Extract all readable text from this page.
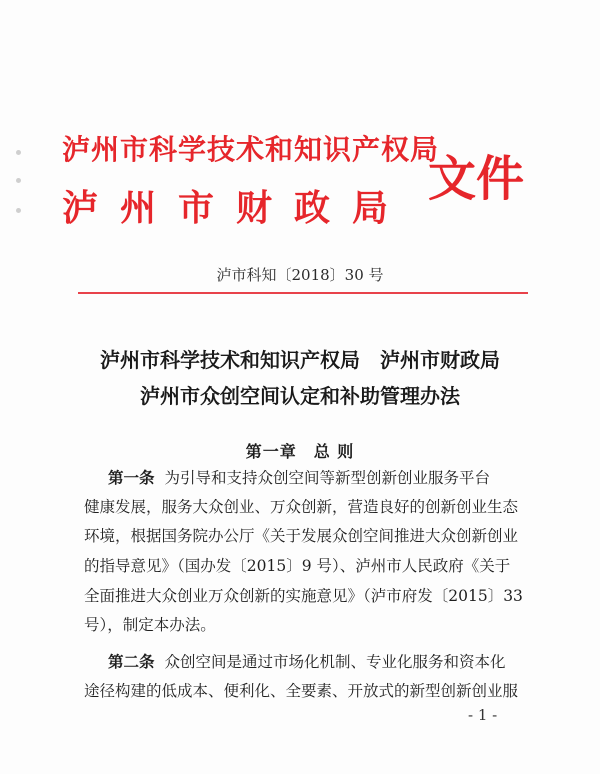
泸州市科学技术和知识产权局
泸州市财政局
文件
泸市科知〔2018〕30 号
泸州市科学技术和知识产权局　泸州市财政局
泸州市众创空间认定和补助管理办法
第一章　总 则
第一条 为引导和支持众创空间等新型创新创业服务平台
健康发展，服务大众创业、万众创新，营造良好的创新创业生态
环境，根据国务院办公厅《关于发展众创空间推进大众创新创业
的指导意见》（国办发〔2015〕9 号）、泸州市人民政府《关于
全面推进大众创业万众创新的实施意见》（泸市府发〔2015〕33
号），制定本办法。
第二条 众创空间是通过市场化机制、专业化服务和资本化
途径构建的低成本、便利化、全要素、开放式的新型创新创业服
- 1 -
